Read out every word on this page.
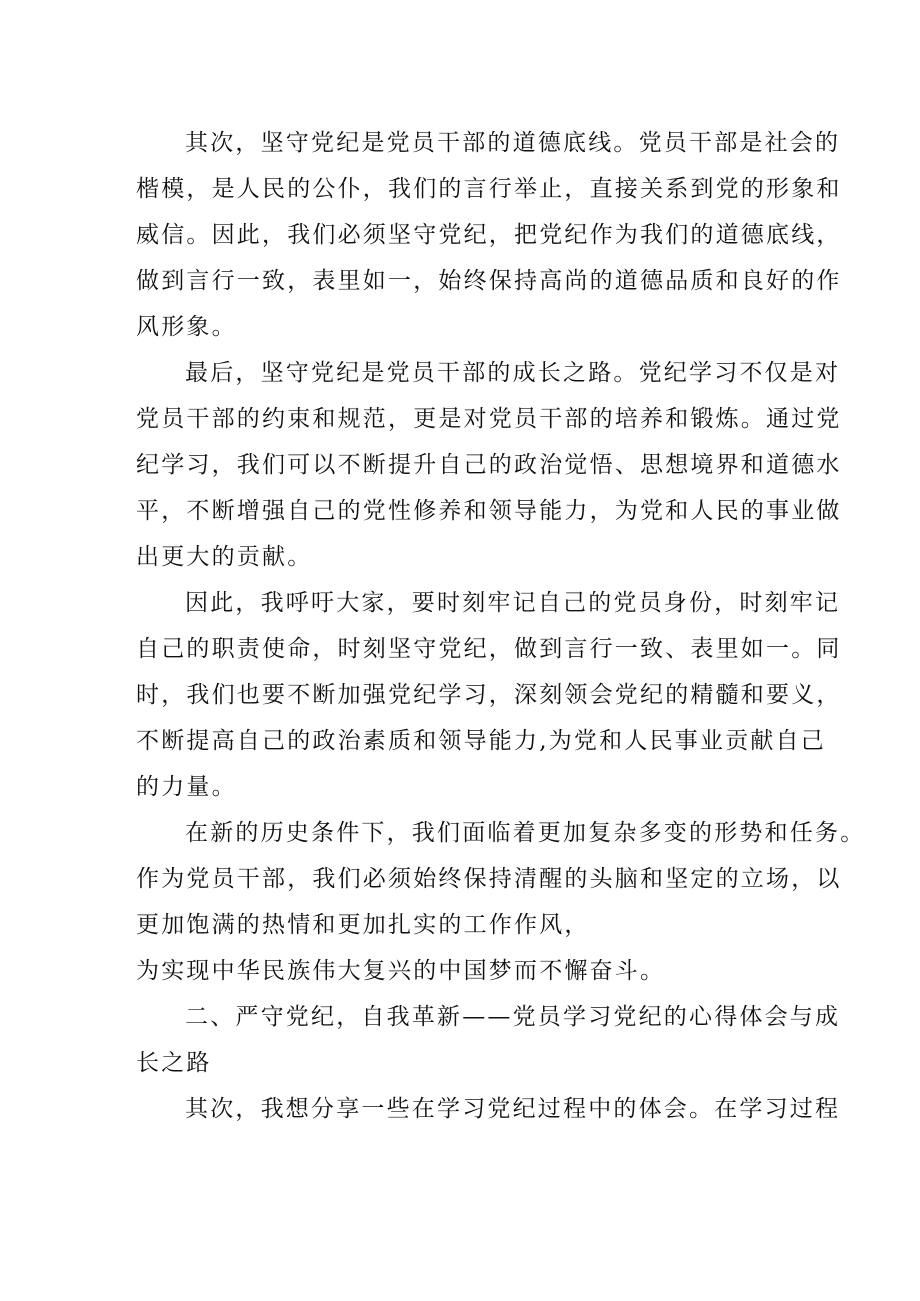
其次，坚守党纪是党员干部的道德底线。党员干部是社会的
楷模，是人民的公仆，我们的言行举止，直接关系到党的形象和
威信。因此，我们必须坚守党纪，把党纪作为我们的道德底线，
做到言行一致，表里如一，始终保持高尚的道德品质和良好的作
风形象。
最后，坚守党纪是党员干部的成长之路。党纪学习不仅是对
党员干部的约束和规范，更是对党员干部的培养和锻炼。通过党
纪学习，我们可以不断提升自己的政治觉悟、思想境界和道德水
平，不断增强自己的党性修养和领导能力，为党和人民的事业做
出更大的贡献。
因此，我呼吁大家，要时刻牢记自己的党员身份，时刻牢记
自己的职责使命，时刻坚守党纪，做到言行一致、表里如一。同
时，我们也要不断加强党纪学习，深刻领会党纪的精髓和要义，
不断提高自己的政治素质和领导能力,为党和人民事业贡献自己
的力量。
在新的历史条件下，我们面临着更加复杂多变的形势和任务。
作为党员干部，我们必须始终保持清醒的头脑和坚定的立场，以
更加饱满的热情和更加扎实的工作作风，
为实现中华民族伟大复兴的中国梦而不懈奋斗。
二、严守党纪，自我革新——党员学习党纪的心得体会与成
长之路
其次，我想分享一些在学习党纪过程中的体会。在学习过程
